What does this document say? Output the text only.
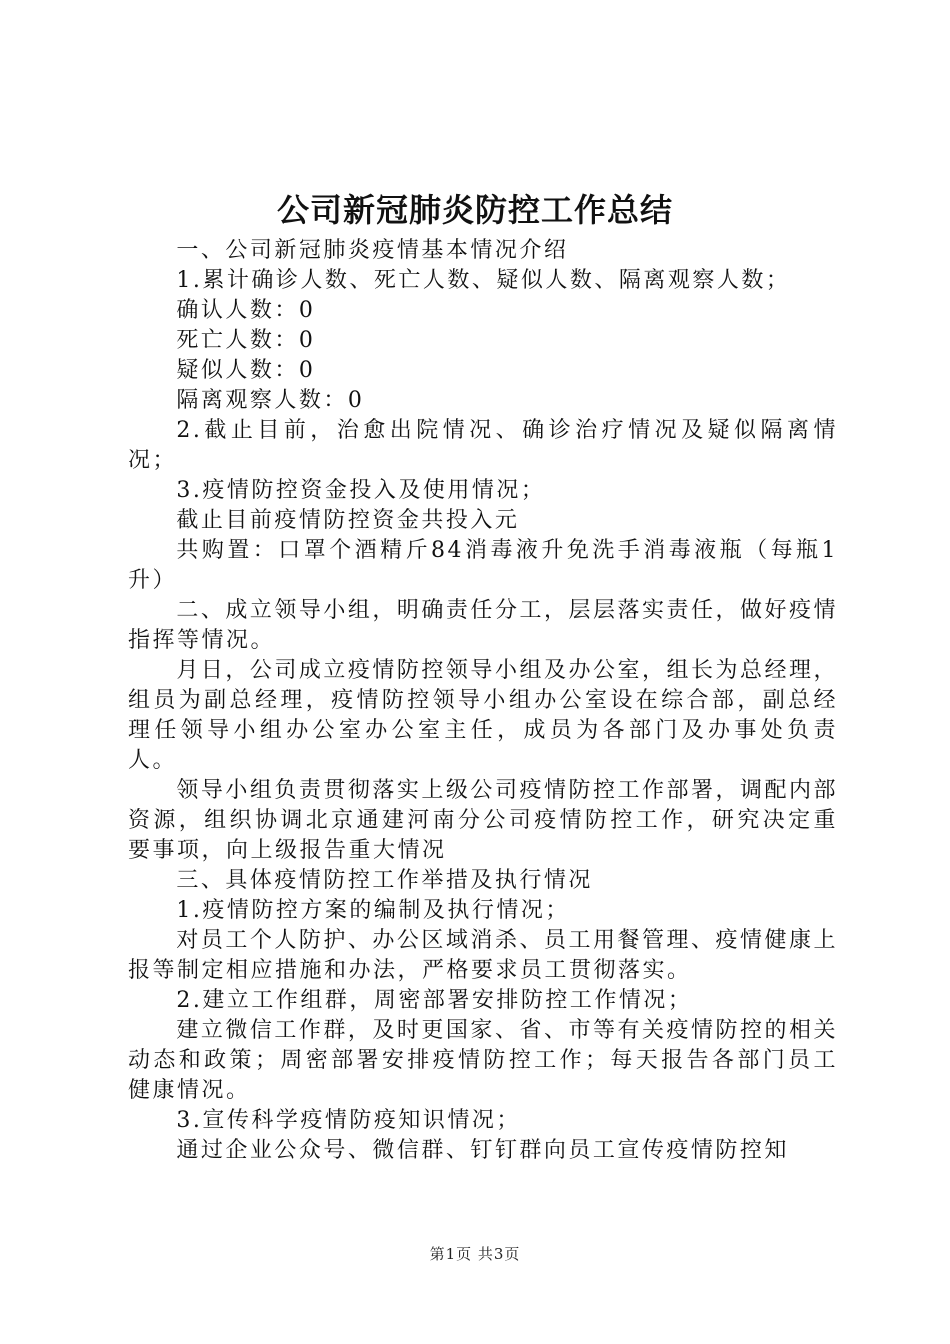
公司新冠肺炎防控工作总结

一、公司新冠肺炎疫情基本情况介绍

1.累计确诊人数、死亡人数、疑似人数、隔离观察人数；

确认人数：0

死亡人数：0

疑似人数：0

隔离观察人数：0

2.截止目前，治愈出院情况、确诊治疗情况及疑似隔离情况；

3.疫情防控资金投入及使用情况；

截止目前疫情防控资金共投入元

共购置：口罩个酒精斤84消毒液升免洗手消毒液瓶（每瓶1升）

二、成立领导小组，明确责任分工，层层落实责任，做好疫情指挥等情况。

月日，公司成立疫情防控领导小组及办公室，组长为总经理，组员为副总经理，疫情防控领导小组办公室设在综合部，副总经理任领导小组办公室办公室主任，成员为各部门及办事处负责人。

领导小组负责贯彻落实上级公司疫情防控工作部署，调配内部资源，组织协调北京通建河南分公司疫情防控工作，研究决定重要事项，向上级报告重大情况

三、具体疫情防控工作举措及执行情况

1.疫情防控方案的编制及执行情况；

对员工个人防护、办公区域消杀、员工用餐管理、疫情健康上报等制定相应措施和办法，严格要求员工贯彻落实。

2.建立工作组群，周密部署安排防控工作情况；

建立微信工作群，及时更国家、省、市等有关疫情防控的相关动态和政策；周密部署安排疫情防控工作；每天报告各部门员工健康情况。

3.宣传科学疫情防疫知识情况；

通过企业公众号、微信群、钉钉群向员工宣传疫情防控知

第1页 共3页
